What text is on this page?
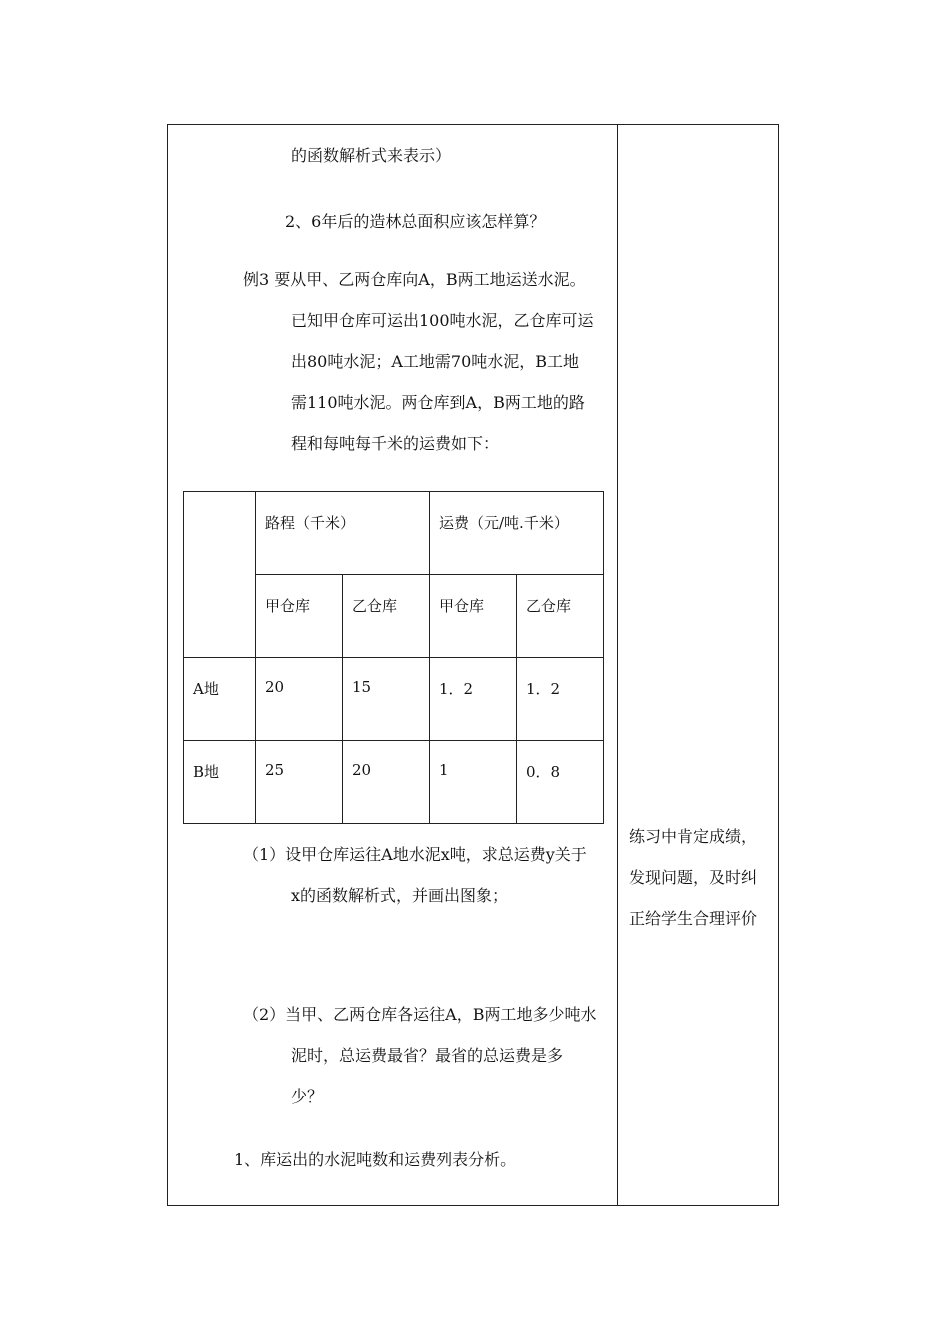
的函数解析式来表示）
2、6年后的造林总面积应该怎样算？
例3 要从甲、乙两仓库向A，B两工地运送水泥。
已知甲仓库可运出100吨水泥，乙仓库可运
出80吨水泥；A工地需70吨水泥，B工地
需110吨水泥。两仓库到A，B两工地的路
程和每吨每千米的运费如下：
	路程（千米）		运费（元/吨.千米）	
	甲仓库	乙仓库	甲仓库	乙仓库
A地	20	15	1．2	1．2
B地	25	20	1	0．8
（1）设甲仓库运往A地水泥x吨，求总运费y关于
x的函数解析式，并画出图象；
（2）当甲、乙两仓库各运往A，B两工地多少吨水
泥时，总运费最省？最省的总运费是多
少？
1、库运出的水泥吨数和运费列表分析。
练习中肯定成绩，
发现问题，及时纠
正给学生合理评价
